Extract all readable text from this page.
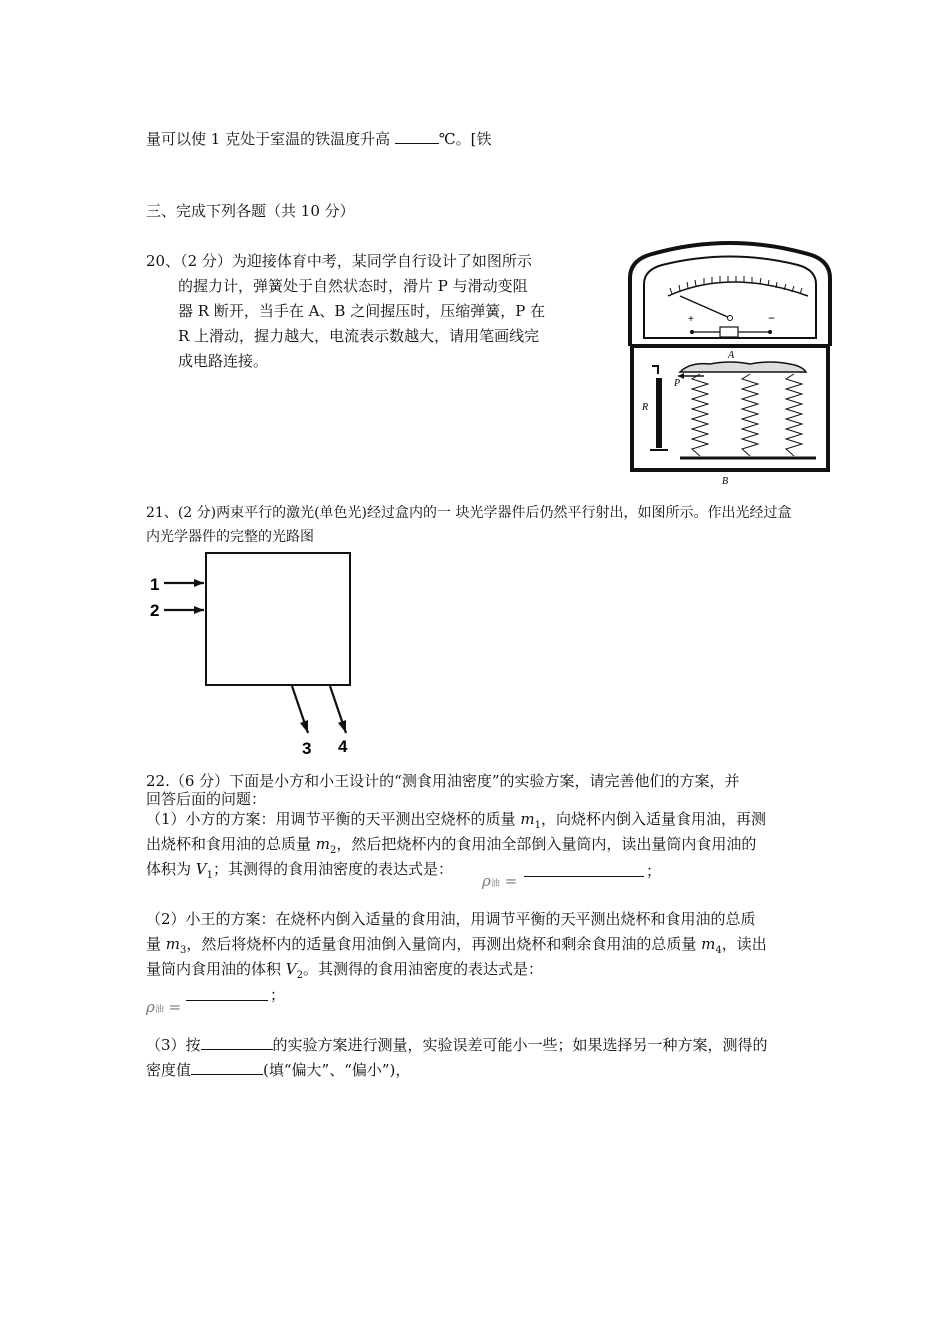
量可以使 1 克处于室温的铁温度升高	℃。[铁
三、完成下列各题（共 10 分）
20、（2 分）为迎接体育中考，某同学自行设计了如图所示
的握力计，弹簧处于自然状态时，滑片 P 与滑动变阻
器 R 断开，当手在 A、B 之间握压时，压缩弹簧，P 在
R 上滑动，握力越大，电流表示数越大，请用笔画线完
成电路连接。
+	−
A
P
R
B
21、(2 分)两束平行的激光(单色光)经过盒内的一 块光学器件后仍然平行射出，如图所示。作出光经过盒
内光学器件的完整的光路图
1
2
3 4
22.（6 分）下面是小方和小王设计的“测食用油密度”的实验方案，请完善他们的方案，并
回答后面的问题：
（1）小方的方案：用调节平衡的天平测出空烧杯的质量 $m_1$，向烧杯内倒入适量食用油，再测
出烧杯和食用油的总质量 $m_2$，然后把烧杯内的食用油全部倒入量筒内，读出量筒内食用油的
体积为 $V_1$；其测得的食用油密度的表达式是：
ρ油 =
；
（2）小王的方案：在烧杯内倒入适量的食用油，用调节平衡的天平测出烧杯和食用油的总质
量 $m_3$，然后将烧杯内的适量食用油倒入量筒内，再测出烧杯和剩余食用油的总质量 $m_4$，读出
量筒内食用油的体积 $V_2$。其测得的食用油密度的表达式是：
ρ油 =
；
（3）按	的实验方案进行测量，实验误差可能小一些；如果选择另一种方案，测得的
密度值	(填“偏大”、“偏小”)，
